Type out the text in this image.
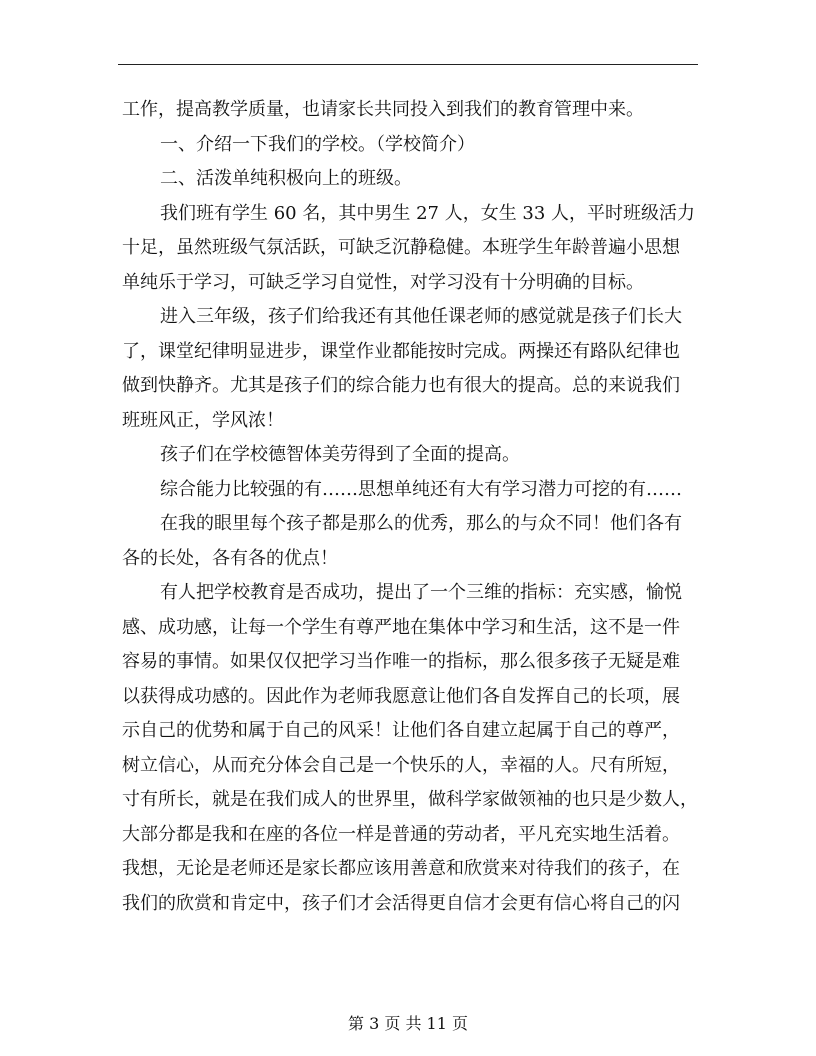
工作，提高教学质量，也请家长共同投入到我们的教育管理中来。
一、介绍一下我们的学校。（学校简介）
二、活泼单纯积极向上的班级。
我们班有学生 60 名，其中男生 27 人，女生 33 人，平时班级活力
十足，虽然班级气氛活跃，可缺乏沉静稳健。本班学生年龄普遍小思想
单纯乐于学习，可缺乏学习自觉性，对学习没有十分明确的目标。
进入三年级，孩子们给我还有其他任课老师的感觉就是孩子们长大
了，课堂纪律明显进步，课堂作业都能按时完成。两操还有路队纪律也
做到快静齐。尤其是孩子们的综合能力也有很大的提高。总的来说我们
班班风正，学风浓！
孩子们在学校德智体美劳得到了全面的提高。
综合能力比较强的有……思想单纯还有大有学习潜力可挖的有……
在我的眼里每个孩子都是那么的优秀，那么的与众不同！他们各有
各的长处，各有各的优点！
有人把学校教育是否成功，提出了一个三维的指标：充实感，愉悦
感、成功感，让每一个学生有尊严地在集体中学习和生活，这不是一件
容易的事情。如果仅仅把学习当作唯一的指标，那么很多孩子无疑是难
以获得成功感的。因此作为老师我愿意让他们各自发挥自己的长项，展
示自己的优势和属于自己的风采！让他们各自建立起属于自己的尊严，
树立信心，从而充分体会自己是一个快乐的人，幸福的人。尺有所短，
寸有所长，就是在我们成人的世界里，做科学家做领袖的也只是少数人，
大部分都是我和在座的各位一样是普通的劳动者，平凡充实地生活着。
我想，无论是老师还是家长都应该用善意和欣赏来对待我们的孩子，在
我们的欣赏和肯定中，孩子们才会活得更自信才会更有信心将自己的闪
第 3 页 共 11 页
